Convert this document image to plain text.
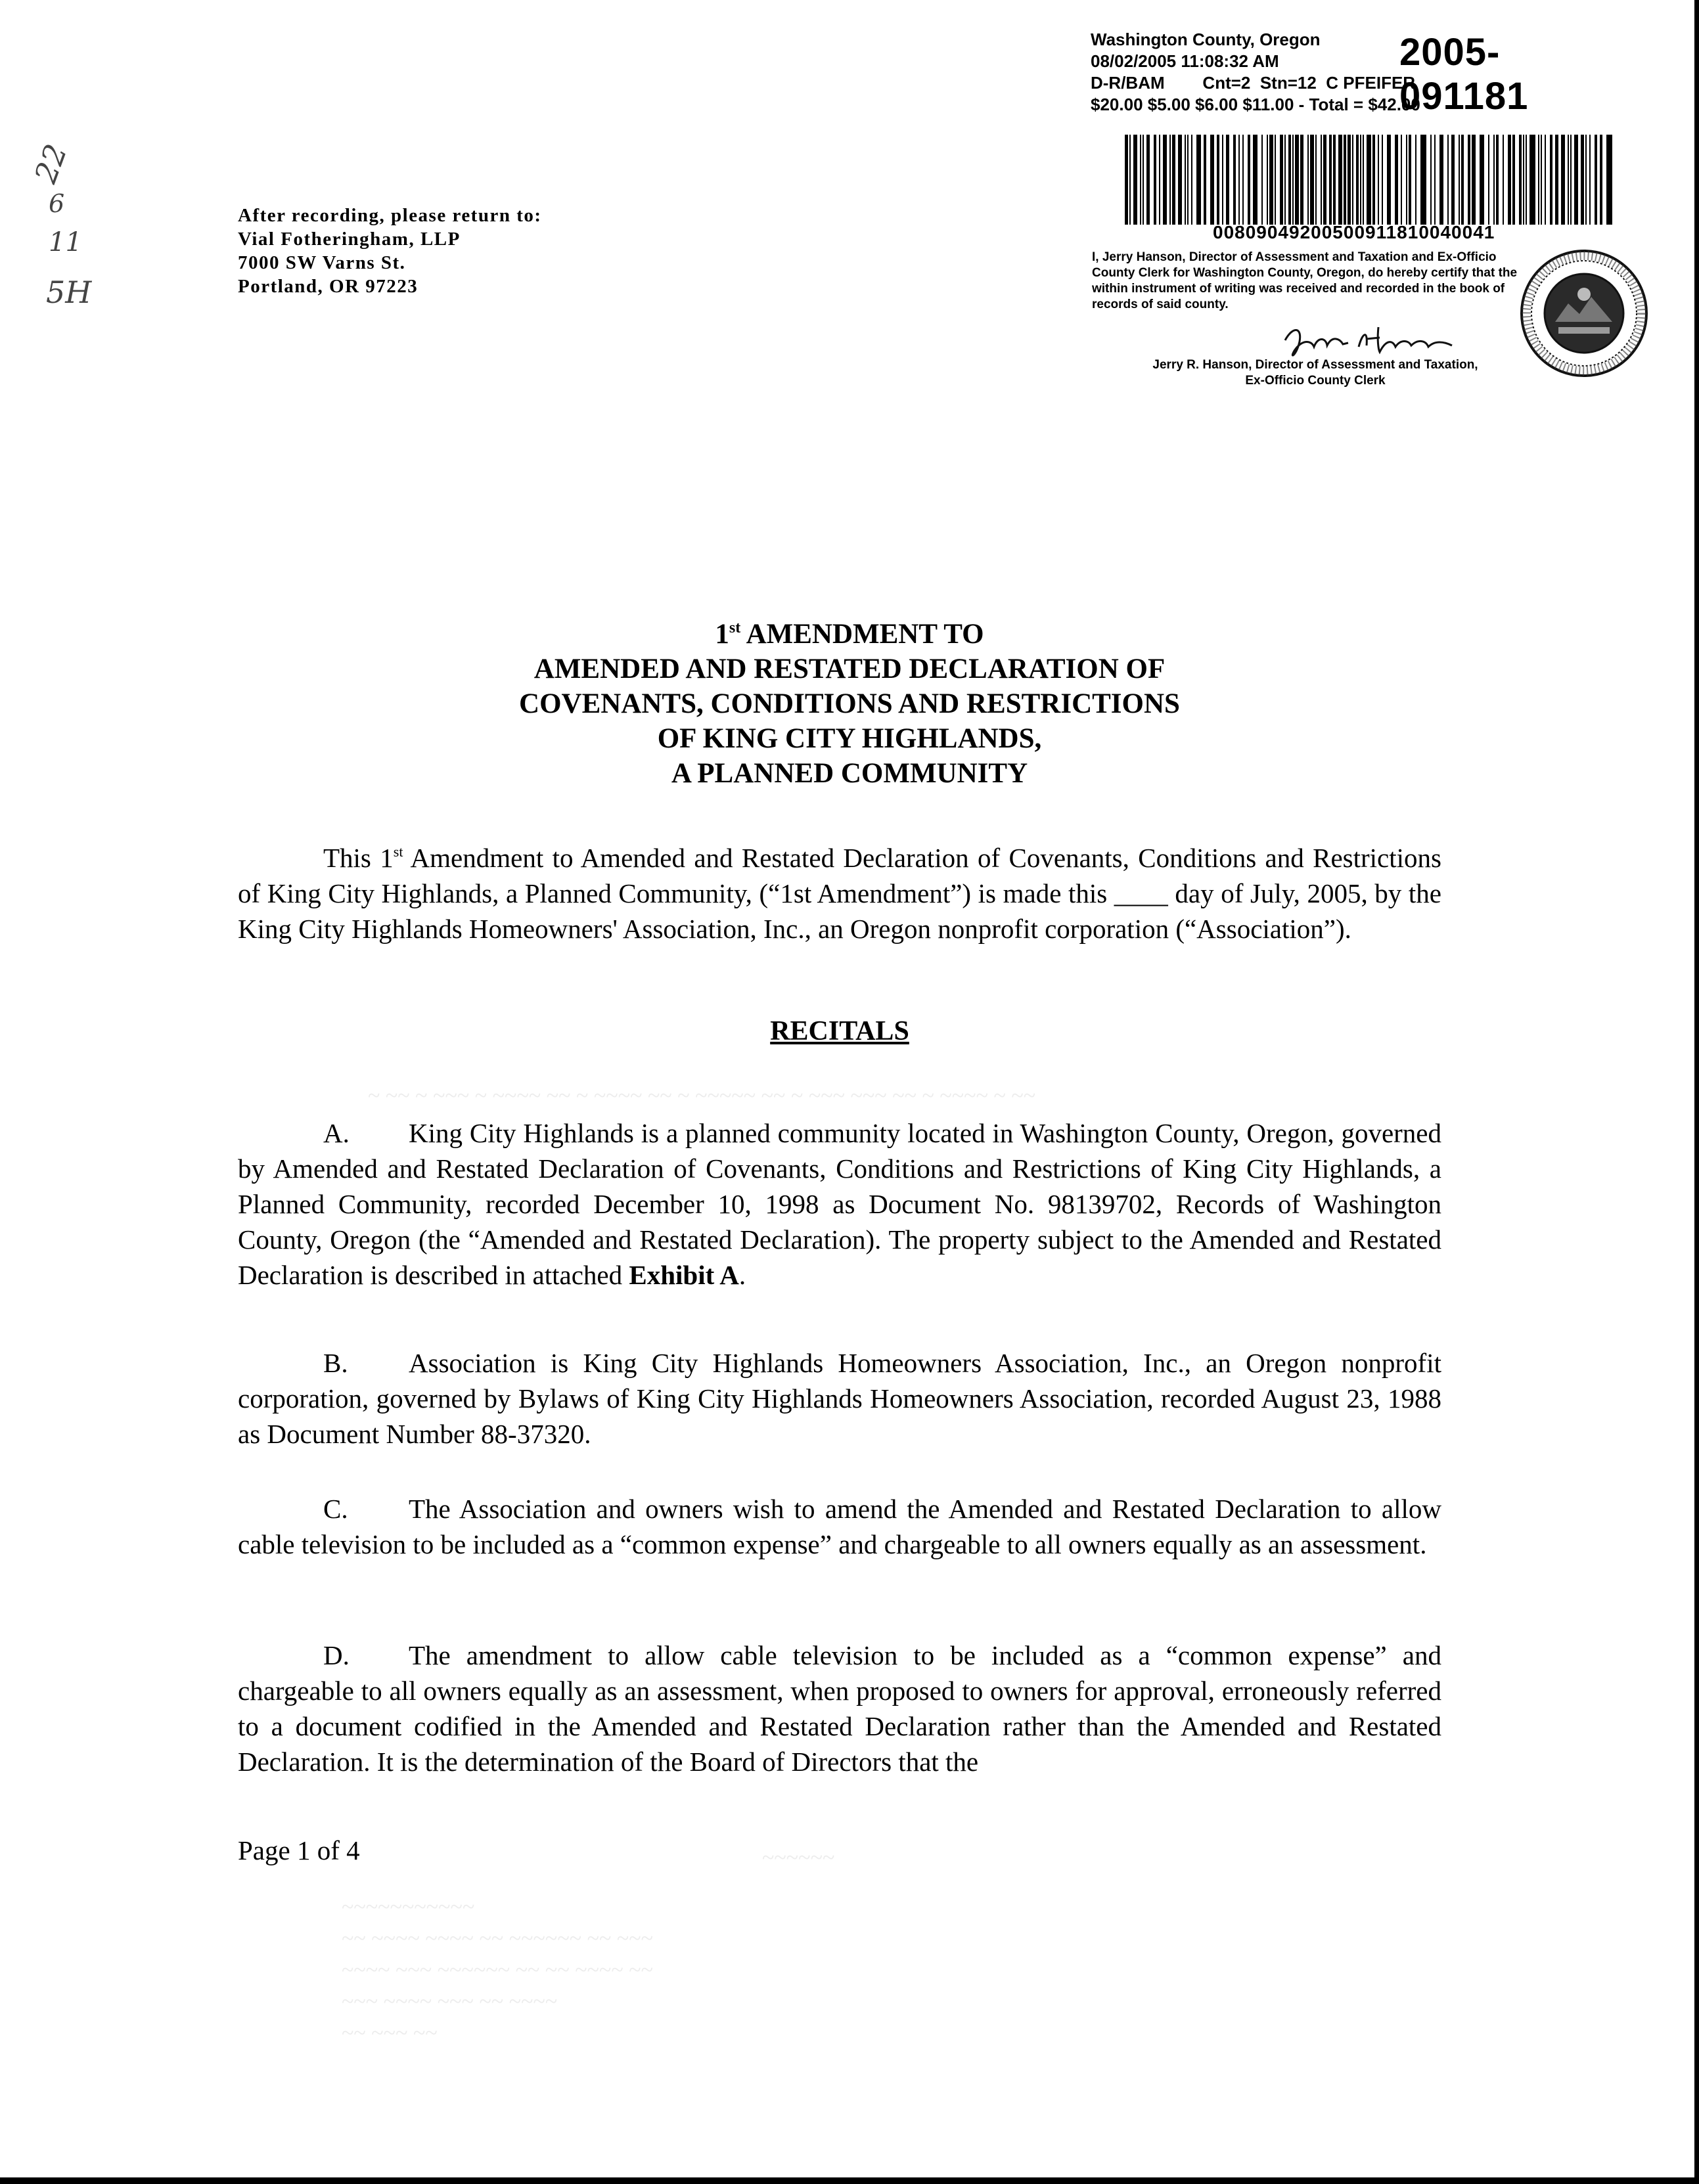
22
6
11
5H
Washington County, Oregon
08/02/2005 11:08:32 AM
D-R/BAM        Cnt=2  Stn=12  C PFEIFER
$20.00 $5.00 $6.00 $11.00 - Total = $42.00
2005-091181
00809049200500911810040041
I, Jerry Hanson, Director of Assessment and Taxation and Ex-Officio County Clerk for Washington County, Oregon, do hereby certify that the within instrument of writing was received and recorded in the book of records of said county.
Jerry R. Hanson, Director of Assessment and Taxation,
Ex-Officio County Clerk
After recording, please return to:
Vial Fotheringham, LLP
7000 SW Varns St.
Portland, OR 97223
1st AMENDMENT TO
AMENDED AND RESTATED DECLARATION OF
COVENANTS, CONDITIONS AND RESTRICTIONS
OF KING CITY HIGHLANDS,
A PLANNED COMMUNITY
This 1st Amendment to Amended and Restated Declaration of Covenants, Conditions and Restrictions of King City Highlands, a Planned Community, (“1st Amendment”) is made this ____ day of July, 2005, by the King City Highlands Homeowners' Association, Inc., an Oregon nonprofit corporation (“Association”).
RECITALS
~ ~~ ~ ~~~ ~ ~~~~ ~~ ~ ~~~~ ~~ ~ ~~~~~ ~~ ~ ~~~ ~~~ ~~ ~ ~~~~ ~ ~~
~~~~~~
~~~~~~~~~~~
~~ ~~~~ ~~~~ ~~ ~~~~~~ ~~ ~~~
~~~~ ~~~ ~~~~~~ ~~ ~~ ~~~~ ~~
~~~ ~~~~ ~~~ ~~ ~~~~
~~ ~~~ ~~
A. King City Highlands is a planned community located in Washington County, Oregon, governed by Amended and Restated Declaration of Covenants, Conditions and Restrictions of King City Highlands, a Planned Community, recorded December 10, 1998 as Document No. 98139702, Records of Washington County, Oregon (the “Amended and Restated Declaration). The property subject to the Amended and Restated Declaration is described in attached Exhibit A.
B. Association is King City Highlands Homeowners Association, Inc., an Oregon nonprofit corporation, governed by Bylaws of King City Highlands Homeowners Association, recorded August 23, 1988 as Document Number 88-37320.
C. The Association and owners wish to amend the Amended and Restated Declaration to allow cable television to be included as a “common expense” and chargeable to all owners equally as an assessment.
D. The amendment to allow cable television to be included as a “common expense” and chargeable to all owners equally as an assessment, when proposed to owners for approval, erroneously referred to a document codified in the Amended and Restated Declaration rather than the Amended and Restated Declaration. It is the determination of the Board of Directors that the
Page 1 of 4
